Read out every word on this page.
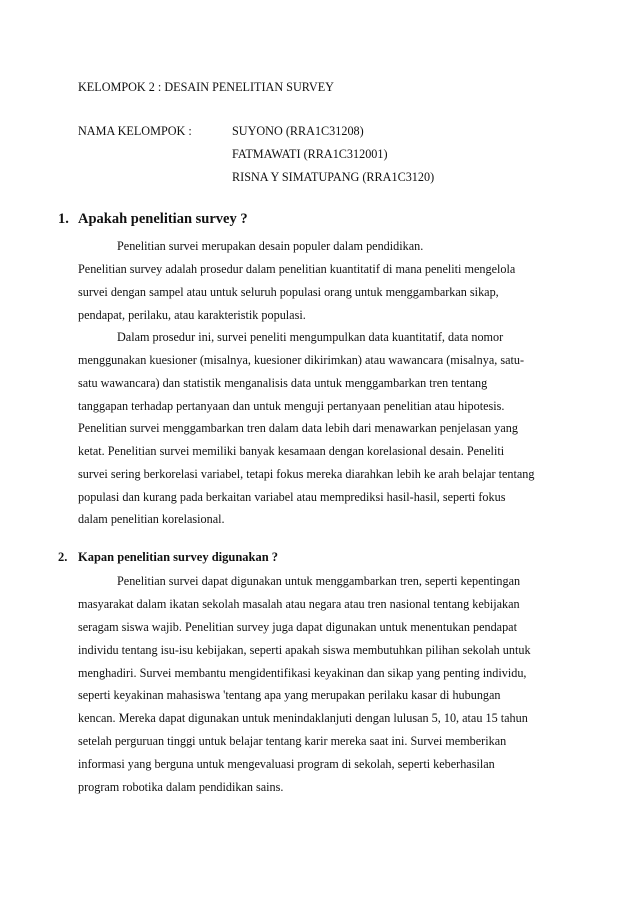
KELOMPOK 2 : DESAIN PENELITIAN SURVEY
NAMA KELOMPOK :	SUYONO (RRA1C31208)
FATMAWATI (RRA1C312001)
RISNA Y SIMATUPANG (RRA1C3120)
1. Apakah penelitian survey ?
Penelitian survei merupakan desain populer dalam pendidikan.
Penelitian survey adalah prosedur dalam penelitian kuantitatif di mana peneliti mengelola
survei dengan sampel atau untuk seluruh populasi orang untuk menggambarkan sikap,
pendapat, perilaku, atau karakteristik populasi.
Dalam prosedur ini, survei peneliti mengumpulkan data kuantitatif, data nomor
menggunakan kuesioner (misalnya, kuesioner dikirimkan) atau wawancara (misalnya, satu-
satu wawancara) dan statistik menganalisis data untuk menggambarkan tren tentang
tanggapan terhadap pertanyaan dan untuk menguji pertanyaan penelitian atau hipotesis.
Penelitian survei menggambarkan tren dalam data lebih dari menawarkan penjelasan yang
ketat. Penelitian survei memiliki banyak kesamaan dengan korelasional desain. Peneliti
survei sering berkorelasi variabel, tetapi fokus mereka diarahkan lebih ke arah belajar tentang
populasi dan kurang pada berkaitan variabel atau memprediksi hasil-hasil, seperti fokus
dalam penelitian korelasional.
2. Kapan penelitian survey digunakan ?
Penelitian survei dapat digunakan untuk menggambarkan tren, seperti kepentingan
masyarakat dalam ikatan sekolah masalah atau negara atau tren nasional tentang kebijakan
seragam siswa wajib. Penelitian survey juga dapat digunakan untuk menentukan pendapat
individu tentang isu-isu kebijakan, seperti apakah siswa membutuhkan pilihan sekolah untuk
menghadiri. Survei membantu mengidentifikasi keyakinan dan sikap yang penting individu,
seperti keyakinan mahasiswa 'tentang apa yang merupakan perilaku kasar di hubungan
kencan. Mereka dapat digunakan untuk menindaklanjuti dengan lulusan 5, 10, atau 15 tahun
setelah perguruan tinggi untuk belajar tentang karir mereka saat ini. Survei memberikan
informasi yang berguna untuk mengevaluasi program di sekolah, seperti keberhasilan
program robotika dalam pendidikan sains.
